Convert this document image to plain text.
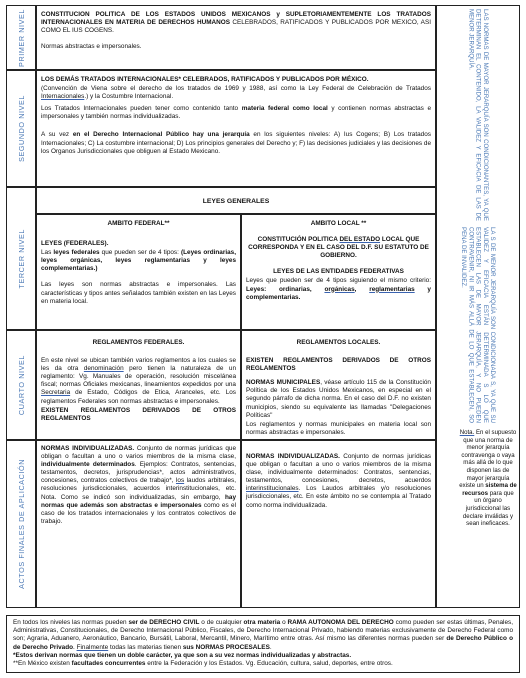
PRIMER NIVEL
SEGUNDO NIVEL
TERCER NIVEL
CUARTO NIVEL
ACTOS FINALES DE APLICACIÓN

CONSTITUCION POLITICA DE LOS ESTADOS UNIDOS MEXICANOS y SUPLETORIAMENTEMENTE LOS TRATADOS INTERNACIONALES EN MATERIA DE DERECHOS HUMANOS CELEBRADOS, RATIFICADOS Y PUBLICADOS POR MEXICO, ASI COMO EL IUS COGENS.

Normas abstractas e impersonales.

LOS DEMÁS TRATADOS INTERNACIONALES* CELEBRADOS, RATIFICADOS Y PUBLICADOS POR MÉXICO.

(Convención de Viena sobre el derecho de los tratados de 1969 y 1988, así como la Ley Federal de Celebración de Tratados Internacionales.) y la Costumbre Internacional.

Los Tratados Internacionales pueden tener como contenido tanto materia federal como local y contienen normas abstractas e impersonales y también normas individualizadas.

A su vez en el Derecho Internacional Público hay una jerarquía en los siguientes niveles: A) Ius Cogens; B) Los tratados Internacionales; C) La costumbre internacional; D) Los principios generales del Derecho y; F) las decisiones judiciales y las decisiones de los Organos Jurisdiccionales que obliguen al Estado Mexicano.

LEYES GENERALES

AMBITO FEDERAL**

LEYES (FEDERALES).

Las leyes federales que pueden ser de 4 tipos: (Leyes ordinarias, leyes orgánicas, leyes reglamentarias y leyes complementarias.)

Las leyes son normas abstractas e impersonales. Las características y tipos antes señalados también existen en las Leyes en materia local.

AMBITO LOCAL **

CONSTITUCIÓN POLITICA DEL ESTADO LOCAL QUE CORRESPONDA Y EN EL CASO DEL D.F. SU ESTATUTO DE GOBIERNO.

LEYES DE LAS ENTIDADES FEDERATIVAS

Leyes que pueden ser de 4 tipos siguiendo el mismo criterio: Leyes: ordinarias, orgánicas, reglamentarias y complementarias.

REGLAMENTOS FEDERALES.

En este nivel se ubican también varios reglamentos a los cuales se les da otra denominación pero tienen la naturaleza de un reglamento: Vg. Manuales de operación, resolución miscelánea fiscal; normas Oficiales mexicanas, lineamientos expedidos por una Secretaria de Estado, Códigos de Etica, Aranceles, etc. Los reglamentos Federales son normas abstractas e impersonales.

EXISTEN REGLAMENTOS DERIVADOS DE OTROS REGLAMENTOS

REGLAMENTOS LOCALES.

EXISTEN REGLAMENTOS DERIVADOS DE OTROS REGLAMENTOS

NORMAS MUNICIPALES, véase artículo 115 de la Constitución Política de los Estados Unidos Mexicanos, en especial en el segundo párrafo de dicha norma. En el caso del D.F. no existen municipios, siendo su equivalente las llamadas "Delegaciones Políticas"

Los reglamentos y normas municipales en materia local son normas abstractas e impersonales.

NORMAS INDIVIDUALIZADAS. Conjunto de normas jurídicas que obligan o facultan a uno o varios miembros de la misma clase, individualmente determinados. Ejemplos: Contratos, sentencias, testamentos, decretos, jurisprudencias*, actos administrativos, concesiones, contratos colectivos de trabajo*, los laudos arbitrales, resoluciones jurisdiccionales, acuerdos interinstitucionales, etc. Nota. Como se indicó son individualizadas, sin embargo, hay normas que además son abstractas e impersonales como es el caso de los tratados internacionales y los contratos colectivos de trabajo.

NORMAS INDIVIDUALIZADAS. Conjunto de normas jurídicas que obligan o facultan a uno o varios miembros de la misma clase, individualmente determinados: Contratos, sentencias, testamentos, concesiones, decretos, acuerdos interinstitucionales. Los Laudos arbitrales y/o resoluciones jurisdiccionales, etc. En este ámbito no se contempla al Tratado como norma individualizada.

LAS NORMAS DE MAYOR JERARQUÍA SON CONDICIONANTES, YA QUE DETERMINAN EL CONTENIDO, LA VALIDEZ Y EFICACIA DE LAS DE MENOR JERARQUÍA.
LA S DE MENOR JERARQUÍA SON CONDICIONADA S, YA QUE SU VALIDEZ Y EFICACIA ESTÁN DETERMINADA S LO QUE ESTABLECEN LAS DE MAYOR JERARQUÍA, Y NO PUEDEN CONTRAVENIR, NI IR MÁS ALLÁ DE LO QUE ESTABLECEN, SO PENA DE INVALIDEZ.
Nota. En el supuesto que una norma de menor jerarquía contravenga o vaya más allá de lo que disponen las de mayor jerarquía existe un sistema de recursos para que un órgano jurisdiccional las declare inválidas y sean ineficaces.
En todos los niveles las normas pueden ser de DERECHO CIVIL o de cualquier otra materia o RAMA AUTONOMA DEL DERECHO como pueden ser estas últimas, Penales, Administrativas, Constitucionales, de Derecho Internacional Público, Fiscales, de Derecho Internacional Privado, habiendo materias exclusivamente de Derecho Federal como son; Agraria, Aduanero, Aeronáutico, Bancario, Bursátil, Laboral, Mercantil, Minero, Marítimo entre otras. Así mismo las diferentes normas pueden ser de Derecho Público o de Derecho Privado. Finalmente todas las materias tienen sus NORMAS PROCESALES.
*Estos derivan normas que tienen un doble carácter, ya que son a su vez normas individualizadas y abstractas.
**En México existen facultades concurrentes entre la Federación y los Estados. Vg. Educación, cultura, salud, deportes, entre otros.
